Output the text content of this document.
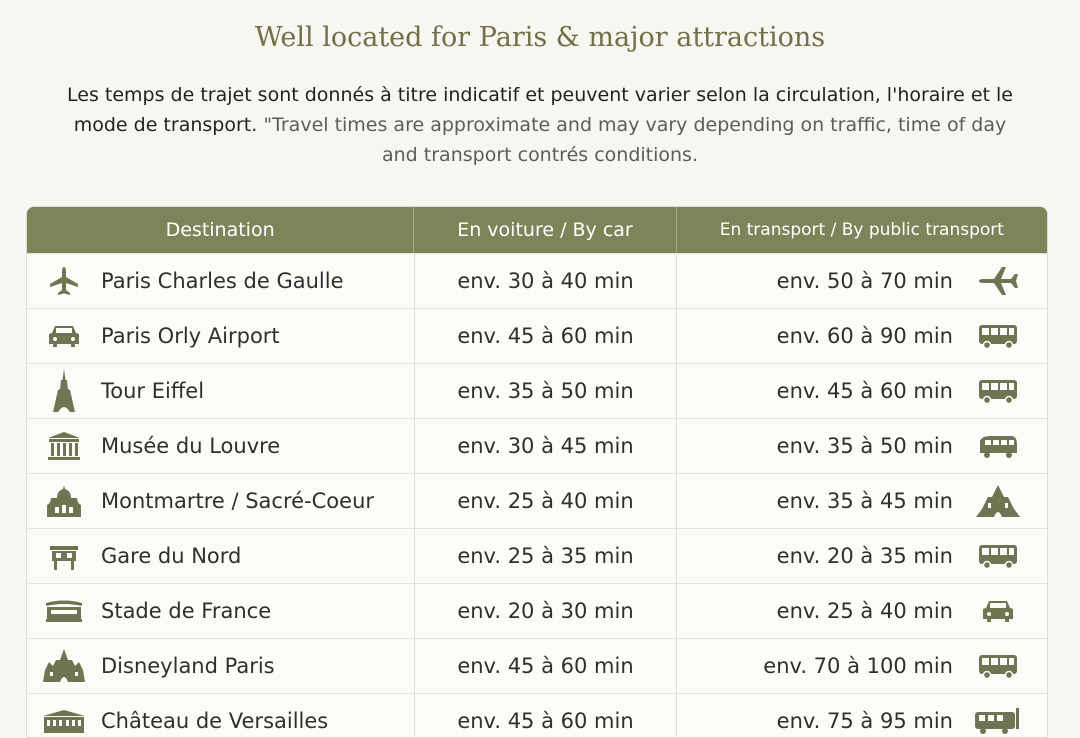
Well located for Paris & major attractions
Les temps de trajet sont donnés à titre indicatif et peuvent varier selon la circulation, l'horaire et le mode de transport. "Travel times are approximate and may vary depending on traffic, time of day and transport contrés conditions.
Destination	En voiture / By car	En transport / By public transport
Paris Charles de Gaulle	env. 30 à 40 min	env. 50 à 70 min
Paris Orly Airport	env. 45 à 60 min	env. 60 à 90 min
Tour Eiffel	env. 35 à 50 min	env. 45 à 60 min
Musée du Louvre	env. 30 à 45 min	env. 35 à 50 min
Montmartre / Sacré-Coeur	env. 25 à 40 min	env. 35 à 45 min
Gare du Nord	env. 25 à 35 min	env. 20 à 35 min
Stade de France	env. 20 à 30 min	env. 25 à 40 min
Disneyland Paris	env. 45 à 60 min	env. 70 à 100 min
Château de Versailles	env. 45 à 60 min	env. 75 à 95 min
